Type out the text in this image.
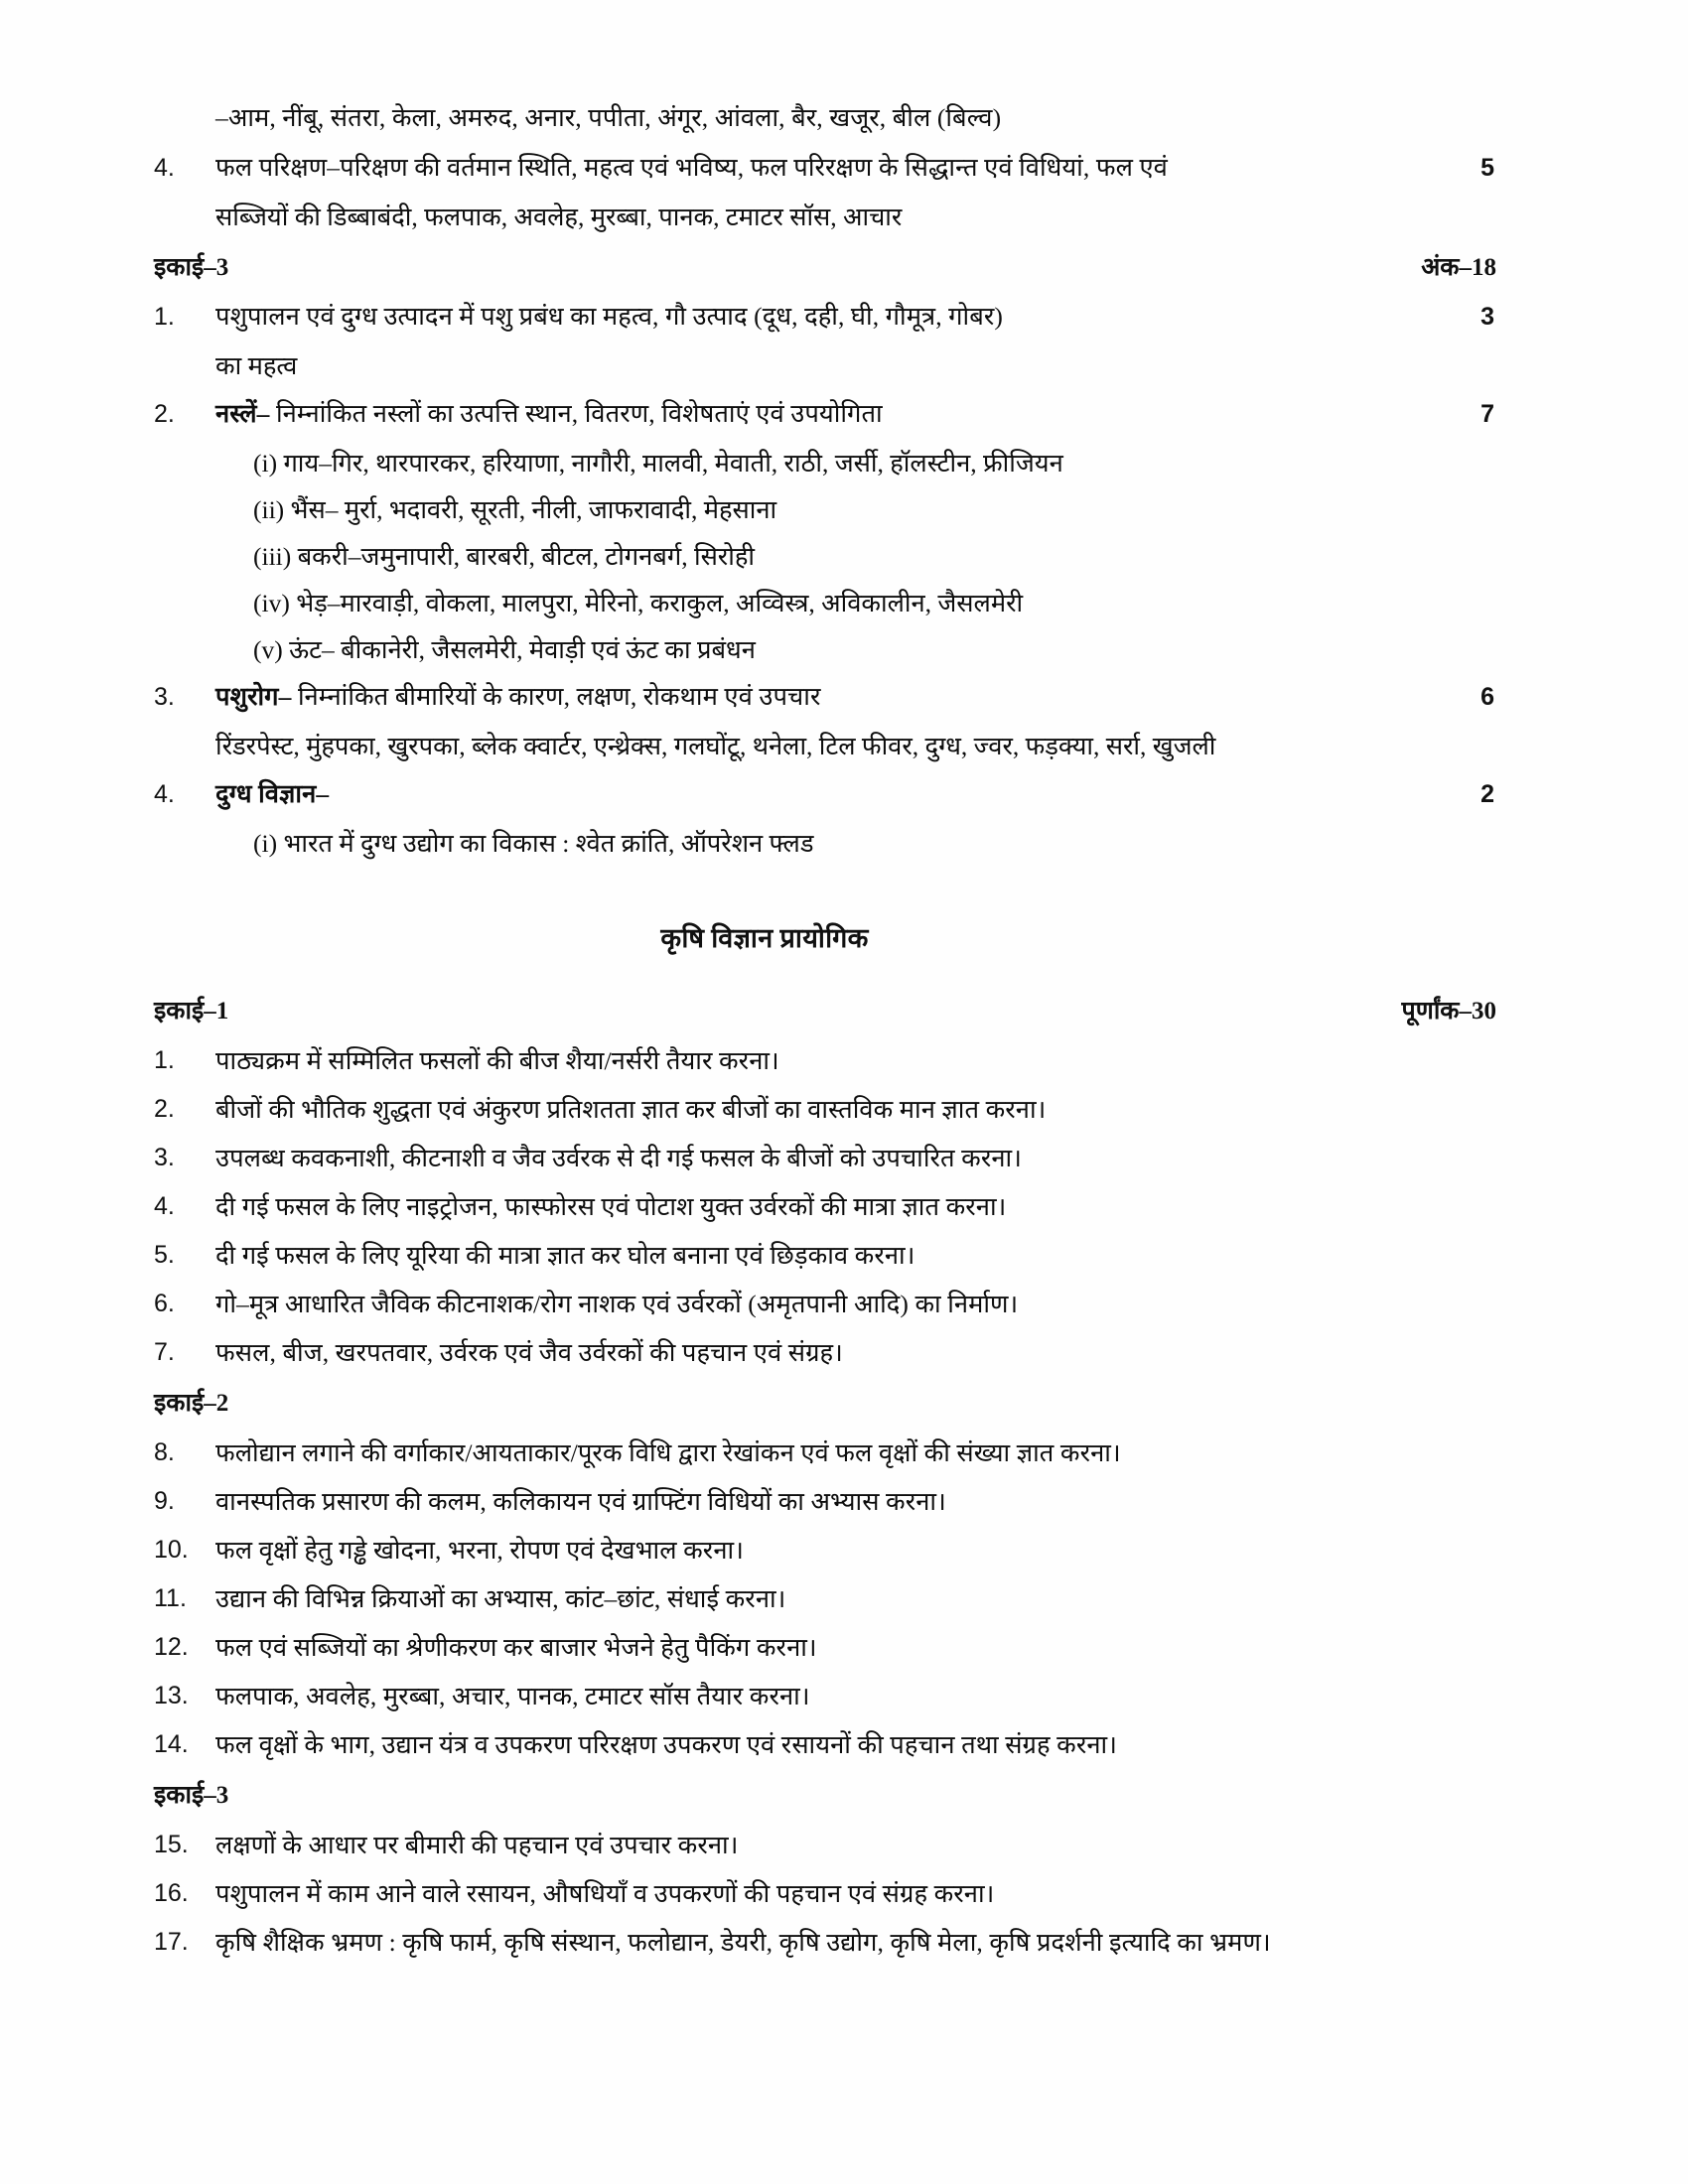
–आम, नींबू, संतरा, केला, अमरुद, अनार, पपीता, अंगूर, आंवला, बैर, खजूर, बील (बिल्व)
4.	फल परिक्षण–परिक्षण की वर्तमान स्थिति, महत्व एवं भविष्य, फल परिरक्षण के सिद्धान्त एवं विधियां, फल एवं	5
सब्जियों की डिब्बाबंदी, फलपाक, अवलेह, मुरब्बा, पानक, टमाटर सॉस, आचार
इकाई–3	अंक–18
1.	पशुपालन एवं दुग्ध उत्पादन में पशु प्रबंध का महत्व, गौ उत्पाद (दूध, दही, घी, गौमूत्र, गोबर)	3
का महत्व
2.	नस्लें– निम्नांकित नस्लों का उत्पत्ति स्थान, वितरण, विशेषताएं एवं उपयोगिता	7
(i) गाय–गिर, थारपारकर, हरियाणा, नागौरी, मालवी, मेवाती, राठी, जर्सी, हॉलस्टीन, फ्रीजियन
(ii) भैंस– मुर्रा, भदावरी, सूरती, नीली, जाफरावादी, मेहसाना
(iii) बकरी–जमुनापारी, बारबरी, बीटल, टोगनबर्ग, सिरोही
(iv) भेड़–मारवाड़ी, वोकला, मालपुरा, मेरिनो, कराकुल, अव्विस्त्र, अविकालीन, जैसलमेरी
(v) ऊंट– बीकानेरी, जैसलमेरी, मेवाड़ी एवं ऊंट का प्रबंधन
3.	पशुरोग– निम्नांकित बीमारियों के कारण, लक्षण, रोकथाम एवं उपचार	6
रिंडरपेस्ट, मुंहपका, खुरपका, ब्लेक क्वार्टर, एन्थ्रेक्स, गलघोंटू, थनेला, टिल फीवर, दुग्ध, ज्वर, फड़क्या, सर्रा, खुजली
4.	दुग्ध विज्ञान–	2
(i) भारत में दुग्ध उद्योग का विकास : श्वेत क्रांति, ऑपरेशन फ्लड
कृषि विज्ञान प्रायोगिक
इकाई–1	पूर्णांक–30
1.	पाठ्यक्रम में सम्मिलित फसलों की बीज शैया/नर्सरी तैयार करना।
2.	बीजों की भौतिक शुद्धता एवं अंकुरण प्रतिशतता ज्ञात कर बीजों का वास्तविक मान ज्ञात करना।
3.	उपलब्ध कवकनाशी, कीटनाशी व जैव उर्वरक से दी गई फसल के बीजों को उपचारित करना।
4.	दी गई फसल के लिए नाइट्रोजन, फास्फोरस एवं पोटाश युक्त उर्वरकों की मात्रा ज्ञात करना।
5.	दी गई फसल के लिए यूरिया की मात्रा ज्ञात कर घोल बनाना एवं छिड़काव करना।
6.	गो–मूत्र आधारित जैविक कीटनाशक/रोग नाशक एवं उर्वरकों (अमृतपानी आदि) का निर्माण।
7.	फसल, बीज, खरपतवार, उर्वरक एवं जैव उर्वरकों की पहचान एवं संग्रह।
इकाई–2
8.	फलोद्यान लगाने की वर्गाकार/आयताकार/पूरक विधि द्वारा रेखांकन एवं फल वृक्षों की संख्या ज्ञात करना।
9.	वानस्पतिक प्रसारण की कलम, कलिकायन एवं ग्राफ्टिंग विधियों का अभ्यास करना।
10.	फल वृक्षों हेतु गड्ढे खोदना, भरना, रोपण एवं देखभाल करना।
11.	उद्यान की विभिन्न क्रियाओं का अभ्यास, कांट–छांट, संधाई करना।
12.	फल एवं सब्जियों का श्रेणीकरण कर बाजार भेजने हेतु पैकिंग करना।
13.	फलपाक, अवलेह, मुरब्बा, अचार, पानक, टमाटर सॉस तैयार करना।
14.	फल वृक्षों के भाग, उद्यान यंत्र व उपकरण परिरक्षण उपकरण एवं रसायनों की पहचान तथा संग्रह करना।
इकाई–3
15.	लक्षणों के आधार पर बीमारी की पहचान एवं उपचार करना।
16.	पशुपालन में काम आने वाले रसायन, औषधियाँ व उपकरणों की पहचान एवं संग्रह करना।
17.	कृषि शैक्षिक भ्रमण : कृषि फार्म, कृषि संस्थान, फलोद्यान, डेयरी, कृषि उद्योग, कृषि मेला, कृषि प्रदर्शनी इत्यादि का भ्रमण।
